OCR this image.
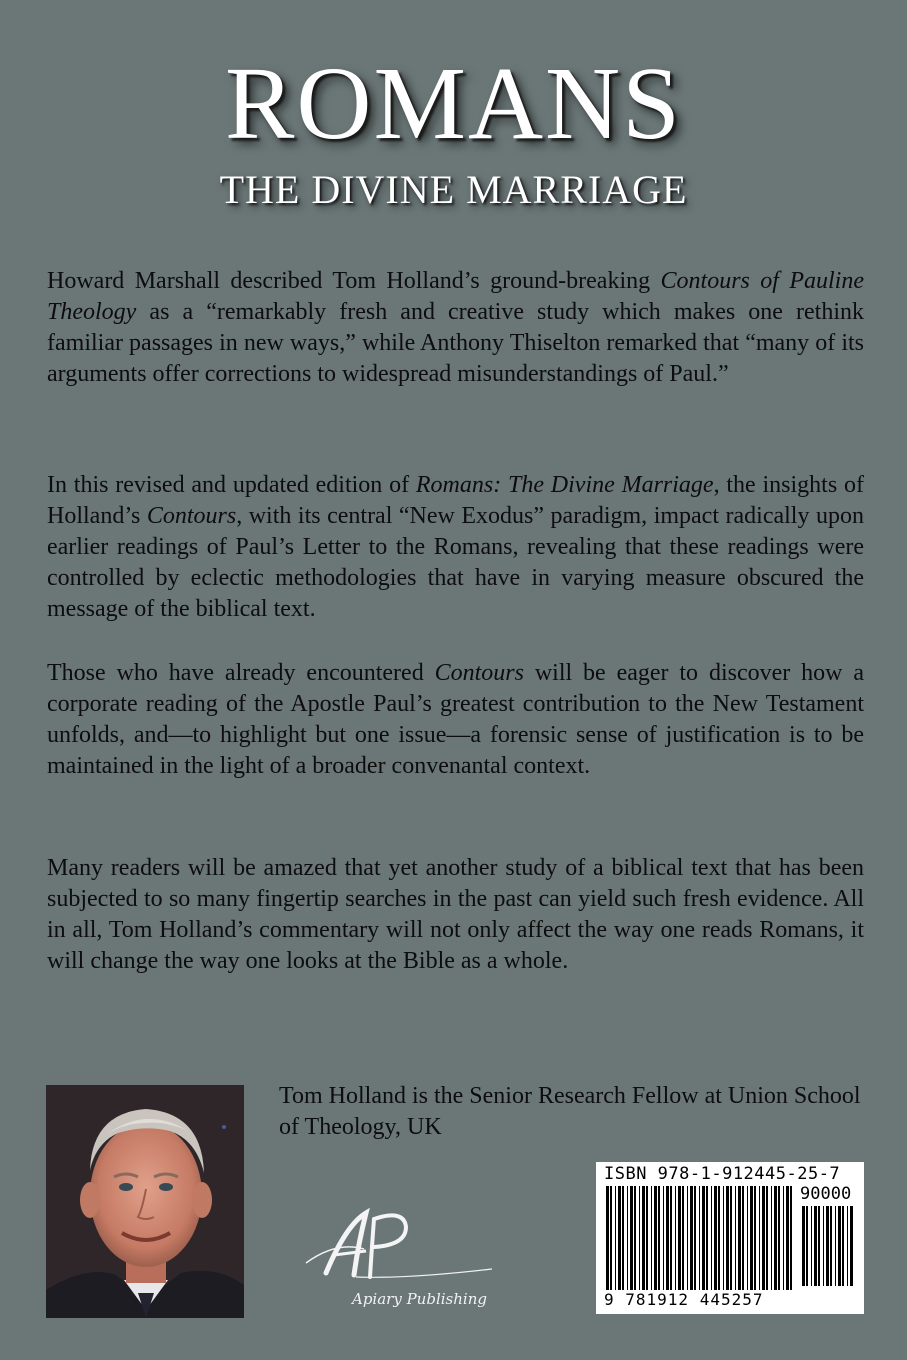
ROMANS
THE DIVINE MARRIAGE

Howard Marshall described Tom Holland’s ground-breaking Contours of Pauline Theology as a “remarkably fresh and creative study which makes one rethink familiar passages in new ways,” while Anthony Thiselton remarked that “many of its arguments offer corrections to widespread misunderstandings of Paul.”

In this revised and updated edition of Romans: The Divine Marriage, the insights of Holland’s Contours, with its central “New Exodus” paradigm, impact radically upon earlier readings of Paul’s Letter to the Romans, revealing that these readings were controlled by eclectic methodologies that have in varying measure obscured the message of the biblical text.

Those who have already encountered Contours will be eager to discover how a corporate reading of the Apostle Paul’s greatest contribution to the New Testament unfolds, and—to highlight but one issue—a forensic sense of justification is to be maintained in the light of a broader convenantal context.

Many readers will be amazed that yet another study of a biblical text that has been subjected to so many fingertip searches in the past can yield such fresh evidence. All in all, Tom Holland’s commentary will not only affect the way one reads Romans, it will change the way one looks at the Bible as a whole.

Tom Holland is the Senior Research Fellow at Union School of Theology, UK

Apiary Publishing
ISBN 978-1-912445-25-7
90000
9 781912 445257
